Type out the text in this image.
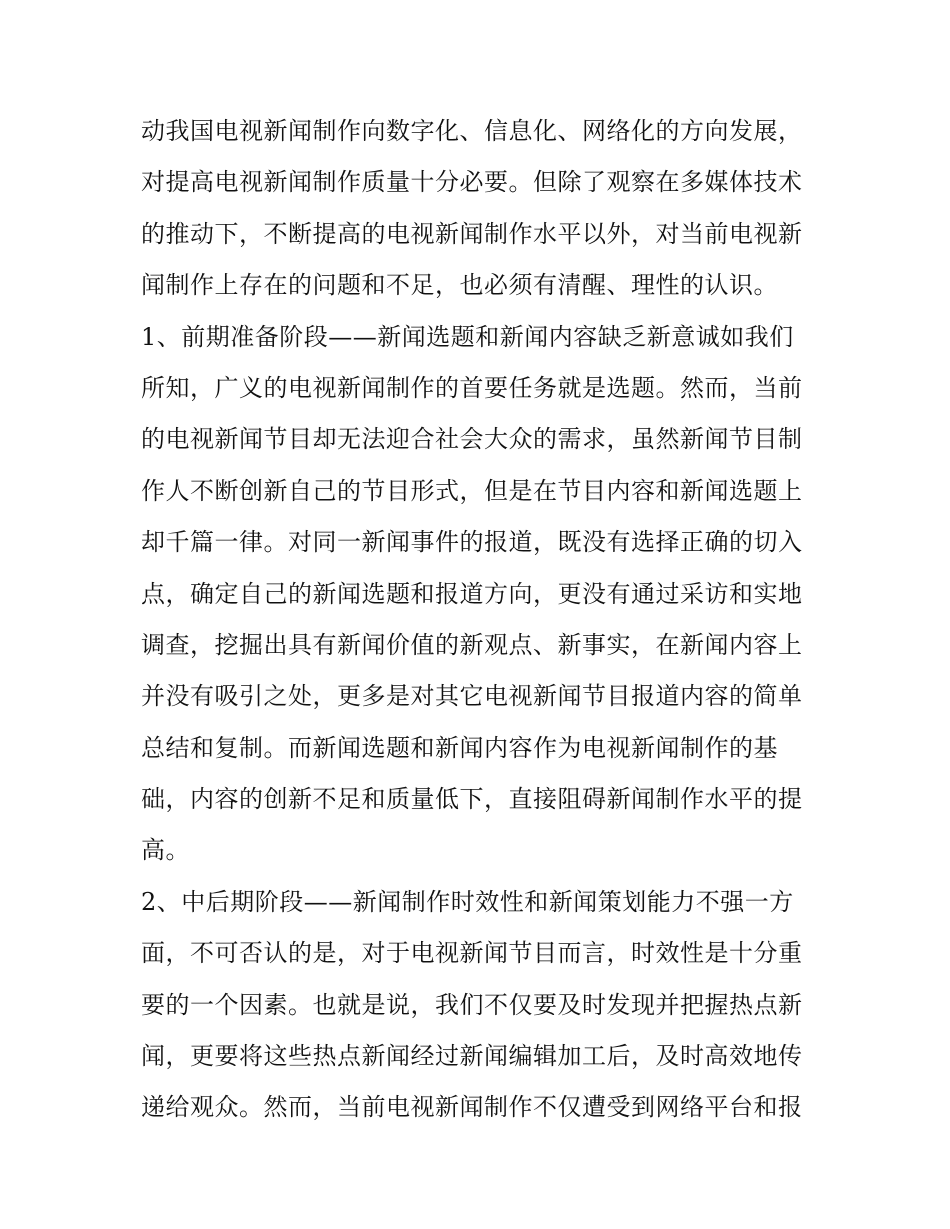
动我国电视新闻制作向数字化、信息化、网络化的方向发展，
对提高电视新闻制作质量十分必要。但除了观察在多媒体技术
的推动下，不断提高的电视新闻制作水平以外，对当前电视新
闻制作上存在的问题和不足，也必须有清醒、理性的认识。
1、前期准备阶段——新闻选题和新闻内容缺乏新意诚如我们
所知，广义的电视新闻制作的首要任务就是选题。然而，当前
的电视新闻节目却无法迎合社会大众的需求，虽然新闻节目制
作人不断创新自己的节目形式，但是在节目内容和新闻选题上
却千篇一律。对同一新闻事件的报道，既没有选择正确的切入
点，确定自己的新闻选题和报道方向，更没有通过采访和实地
调查，挖掘出具有新闻价值的新观点、新事实，在新闻内容上
并没有吸引之处，更多是对其它电视新闻节目报道内容的简单
总结和复制。而新闻选题和新闻内容作为电视新闻制作的基
础，内容的创新不足和质量低下，直接阻碍新闻制作水平的提
高。
2、中后期阶段——新闻制作时效性和新闻策划能力不强一方
面，不可否认的是，对于电视新闻节目而言，时效性是十分重
要的一个因素。也就是说，我们不仅要及时发现并把握热点新
闻，更要将这些热点新闻经过新闻编辑加工后，及时高效地传
递给观众。然而，当前电视新闻制作不仅遭受到网络平台和报
